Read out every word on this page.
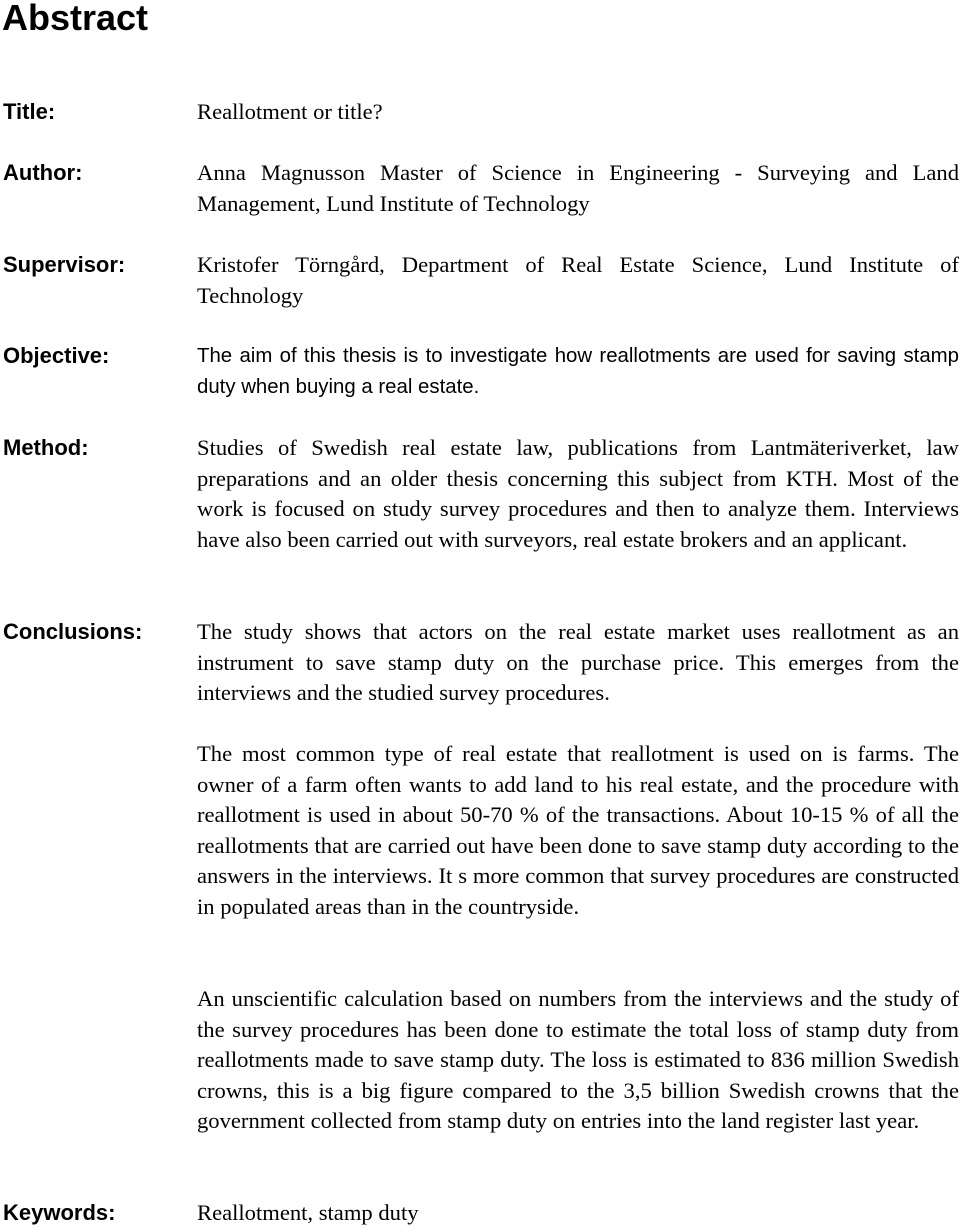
Abstract
Title:	Reallotment or title?
Author:	Anna Magnusson Master of Science in Engineering - Surveying and Land Management, Lund Institute of Technology
Supervisor:	Kristofer Törngård, Department of Real Estate Science, Lund Institute of Technology
Objective:	The aim of this thesis is to investigate how reallotments are used for saving stamp duty when buying a real estate.
Method:	Studies of Swedish real estate law, publications from Lantmäteriverket, law preparations and an older thesis concerning this subject from KTH. Most of the work is focused on study survey procedures and then to analyze them. Interviews have also been carried out with surveyors, real estate brokers and an applicant.
Conclusions: The study shows that actors on the real estate market uses reallotment as an instrument to save stamp duty on the purchase price. This emerges from the interviews and the studied survey procedures.
The most common type of real estate that reallotment is used on is farms. The owner of a farm often wants to add land to his real estate, and the procedure with reallotment is used in about 50-70 % of the transactions. About 10-15 % of all the reallotments that are carried out have been done to save stamp duty according to the answers in the interviews. It s more common that survey procedures are constructed in populated areas than in the countryside.
An unscientific calculation based on numbers from the interviews and the study of the survey procedures has been done to estimate the total loss of stamp duty from reallotments made to save stamp duty. The loss is estimated to 836 million Swedish crowns, this is a big figure compared to the 3,5 billion Swedish crowns that the government collected from stamp duty on entries into the land register last year.
Keywords:	Reallotment, stamp duty
